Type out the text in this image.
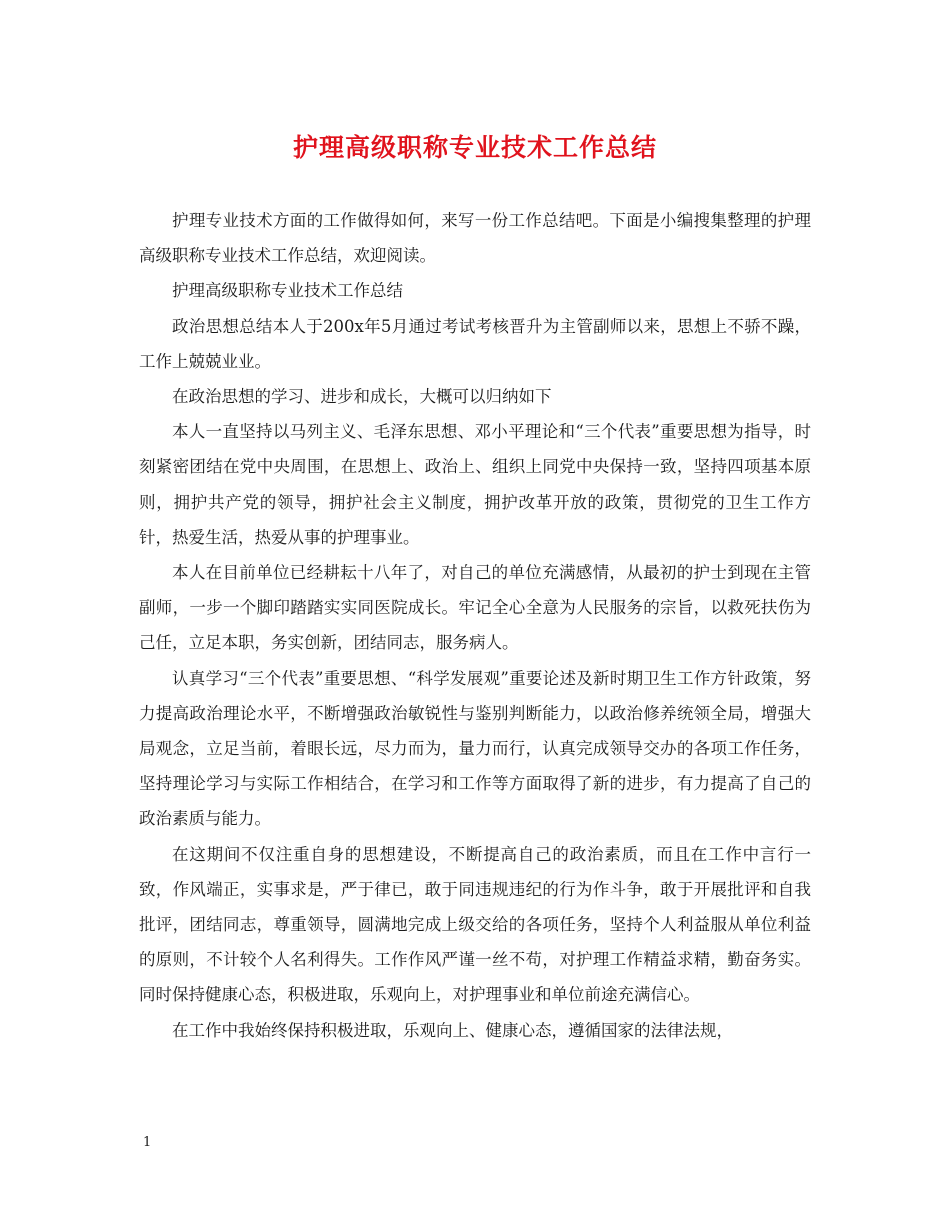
护理高级职称专业技术工作总结

护理专业技术方面的工作做得如何，来写一份工作总结吧。下面是小编搜集整理的护理高级职称专业技术工作总结，欢迎阅读。

护理高级职称专业技术工作总结

政治思想总结本人于200x年5月通过考试考核晋升为主管副师以来，思想上不骄不躁，工作上兢兢业业。

在政治思想的学习、进步和成长，大概可以归纳如下

本人一直坚持以马列主义、毛泽东思想、邓小平理论和“三个代表”重要思想为指导，时刻紧密团结在党中央周围，在思想上、政治上、组织上同党中央保持一致，坚持四项基本原则，拥护共产党的领导，拥护社会主义制度，拥护改革开放的政策，贯彻党的卫生工作方针，热爱生活，热爱从事的护理事业。

本人在目前单位已经耕耘十八年了，对自己的单位充满感情，从最初的护士到现在主管副师，一步一个脚印踏踏实实同医院成长。牢记全心全意为人民服务的宗旨，以救死扶伤为己任，立足本职，务实创新，团结同志，服务病人。

认真学习“三个代表”重要思想、“科学发展观”重要论述及新时期卫生工作方针政策，努力提高政治理论水平，不断增强政治敏锐性与鉴别判断能力，以政治修养统领全局，增强大局观念，立足当前，着眼长远，尽力而为，量力而行，认真完成领导交办的各项工作任务，坚持理论学习与实际工作相结合，在学习和工作等方面取得了新的进步，有力提高了自己的政治素质与能力。

在这期间不仅注重自身的思想建设，不断提高自己的政治素质，而且在工作中言行一致，作风端正，实事求是，严于律已，敢于同违规违纪的行为作斗争，敢于开展批评和自我批评，团结同志，尊重领导，圆满地完成上级交给的各项任务，坚持个人利益服从单位利益的原则，不计较个人名利得失。工作作风严谨一丝不苟，对护理工作精益求精，勤奋务实。同时保持健康心态，积极进取，乐观向上，对护理事业和单位前途充满信心。

在工作中我始终保持积极进取，乐观向上、健康心态，遵循国家的法律法规，

1
